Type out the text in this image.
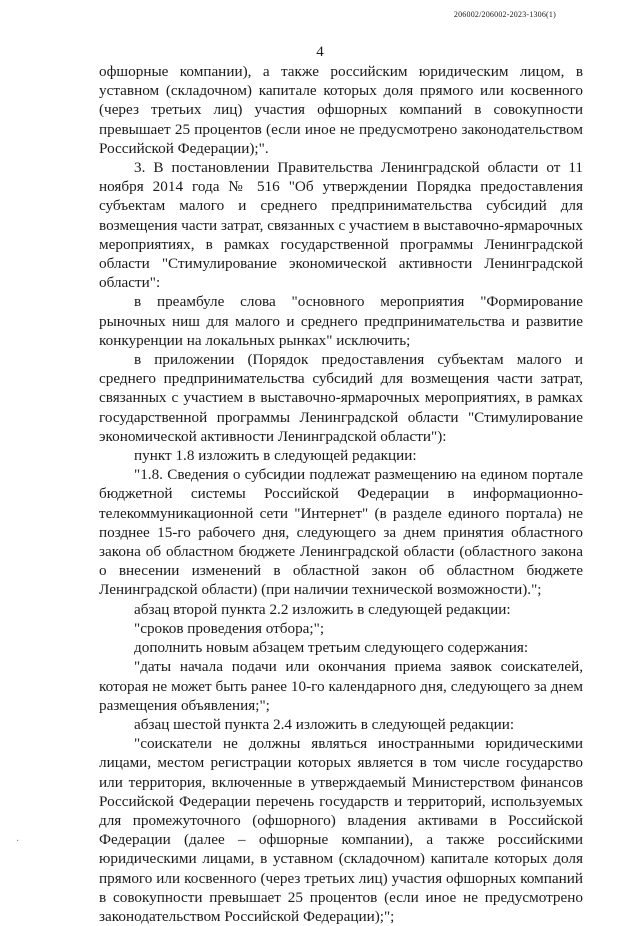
206002/206002-2023-1306(1)
4

офшорные компании), а также российским юридическим лицом, в уставном (складочном) капитале которых доля прямого или косвенного (через третьих лиц) участия офшорных компаний в совокупности превышает 25 процентов (если иное не предусмотрено законодательством Российской Федерации);".

3. В постановлении Правительства Ленинградской области от 11 ноября 2014 года № 516 "Об утверждении Порядка предоставления субъектам малого и среднего предпринимательства субсидий для возмещения части затрат, связанных с участием в выставочно-ярмарочных мероприятиях, в рамках государственной программы Ленинградской области "Стимулирование экономической активности Ленинградской области":

в преамбуле слова "основного мероприятия "Формирование рыночных ниш для малого и среднего предпринимательства и развитие конкуренции на локальных рынках" исключить;

в приложении (Порядок предоставления субъектам малого и среднего предпринимательства субсидий для возмещения части затрат, связанных с участием в выставочно-ярмарочных мероприятиях, в рамках государственной программы Ленинградской области "Стимулирование экономической активности Ленинградской области"):

пункт 1.8 изложить в следующей редакции:

"1.8. Сведения о субсидии подлежат размещению на едином портале бюджетной системы Российской Федерации в информационно-телекоммуникационной сети "Интернет" (в разделе единого портала) не позднее 15-го рабочего дня, следующего за днем принятия областного закона об областном бюджете Ленинградской области (областного закона о внесении изменений в областной закон об областном бюджете Ленинградской области) (при наличии технической возможности).";

абзац второй пункта 2.2 изложить в следующей редакции:

"сроков проведения отбора;";

дополнить новым абзацем третьим следующего содержания:

"даты начала подачи или окончания приема заявок соискателей, которая не может быть ранее 10-го календарного дня, следующего за днем размещения объявления;";

абзац шестой пункта 2.4 изложить в следующей редакции:

"соискатели не должны являться иностранными юридическими лицами, местом регистрации которых является в том числе государство или территория, включенные в утверждаемый Министерством финансов Российской Федерации перечень государств и территорий, используемых для промежуточного (офшорного) владения активами в Российской Федерации (далее – офшорные компании), а также российскими юридическими лицами, в уставном (складочном) капитале которых доля прямого или косвенного (через третьих лиц) участия офшорных компаний в совокупности превышает 25 процентов (если иное не предусмотрено законодательством Российской Федерации);";

·
